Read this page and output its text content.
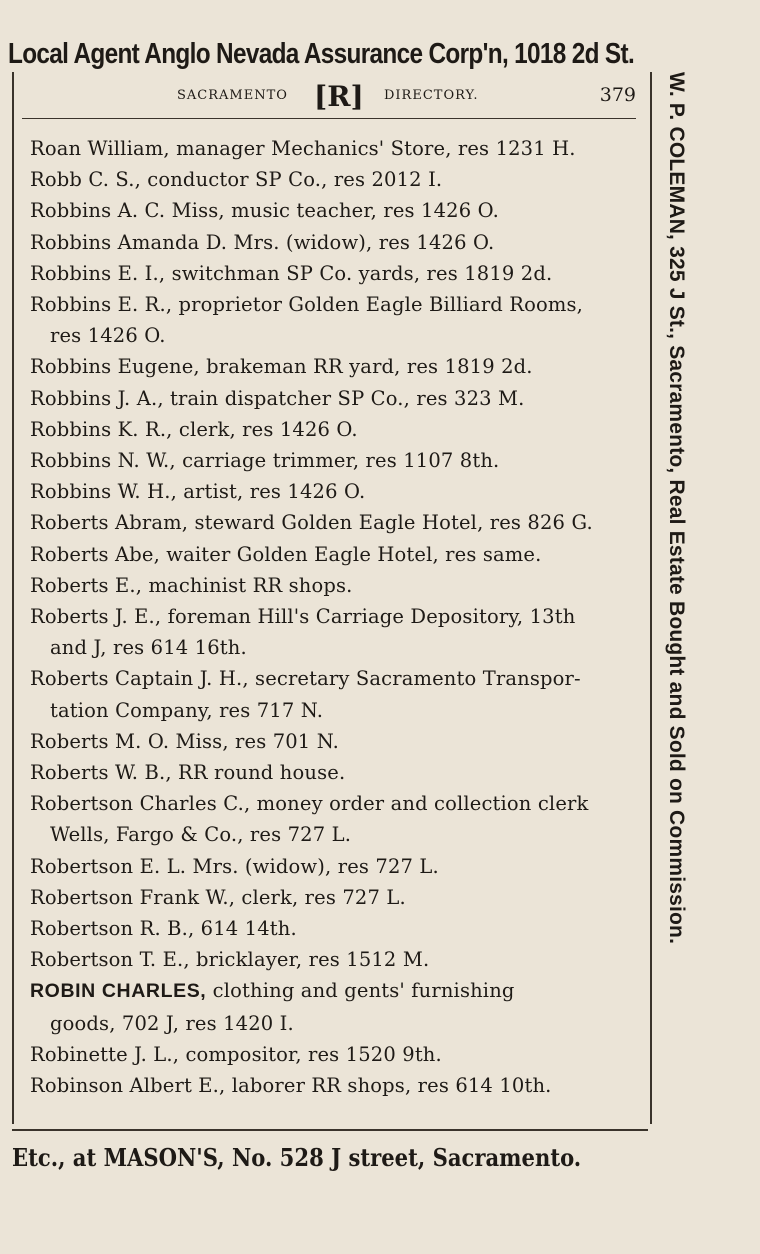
Local Agent Anglo Nevada Assurance Corp'n, 1018 2d St.
SACRAMENTO [R] DIRECTORY.	379
Roan William, manager Mechanics' Store, res 1231 H.
Robb C. S., conductor SP Co., res 2012 I.
Robbins A. C. Miss, music teacher, res 1426 O.
Robbins Amanda D. Mrs. (widow), res 1426 O.
Robbins E. I., switchman SP Co. yards, res 1819 2d.
Robbins E. R., proprietor Golden Eagle Billiard Rooms,
res 1426 O.
Robbins Eugene, brakeman RR yard, res 1819 2d.
Robbins J. A., train dispatcher SP Co., res 323 M.
Robbins K. R., clerk, res 1426 O.
Robbins N. W., carriage trimmer, res 1107 8th.
Robbins W. H., artist, res 1426 O.
Roberts Abram, steward Golden Eagle Hotel, res 826 G.
Roberts Abe, waiter Golden Eagle Hotel, res same.
Roberts E., machinist RR shops.
Roberts J. E., foreman Hill's Carriage Depository, 13th
and J, res 614 16th.
Roberts Captain J. H., secretary Sacramento Transpor-
tation Company, res 717 N.
Roberts M. O. Miss, res 701 N.
Roberts W. B., RR round house.
Robertson Charles C., money order and collection clerk
Wells, Fargo & Co., res 727 L.
Robertson E. L. Mrs. (widow), res 727 L.
Robertson Frank W., clerk, res 727 L.
Robertson R. B., 614 14th.
Robertson T. E., bricklayer, res 1512 M.
ROBIN CHARLES, clothing and gents' furnishing
goods, 702 J, res 1420 I.
Robinette J. L., compositor, res 1520 9th.
Robinson Albert E., laborer RR shops, res 614 10th.
W. P. COLEMAN, 325 J St., Sacramento, Real Estate Bought and Sold on Commission.
Etc., at MASON'S, No. 528 J street, Sacramento.
